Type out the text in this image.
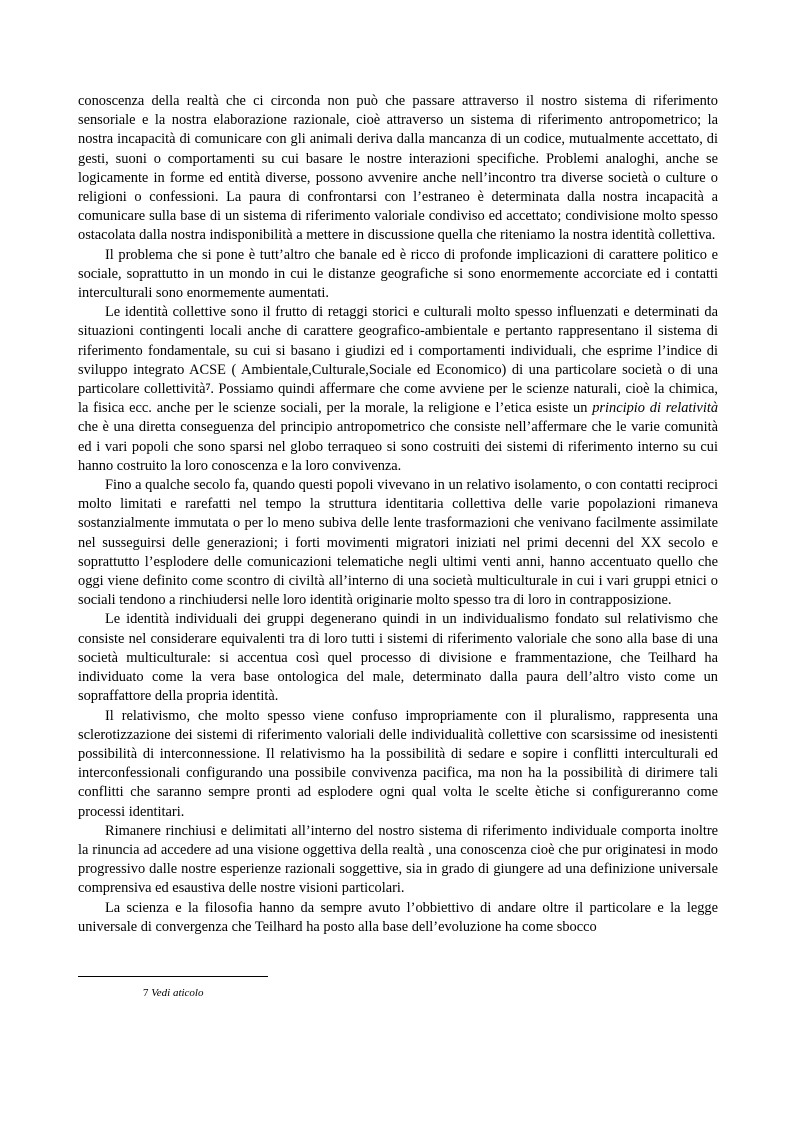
conoscenza della realtà che ci circonda non può che passare attraverso il nostro sistema di riferimento sensoriale e la nostra elaborazione razionale, cioè attraverso un sistema di riferimento antropometrico; la nostra incapacità di comunicare con gli animali deriva dalla mancanza di un codice, mutualmente accettato, di gesti, suoni o comportamenti su cui basare le nostre interazioni specifiche. Problemi analoghi, anche se logicamente in forme ed entità diverse, possono avvenire anche nell’incontro tra diverse società o culture o religioni o confessioni. La paura di confrontarsi con l’estraneo è determinata dalla nostra incapacità a comunicare sulla base di un sistema di riferimento valoriale condiviso ed accettato; condivisione molto spesso ostacolata dalla nostra indisponibilità a mettere in discussione quella che riteniamo la nostra identità collettiva.

Il problema che si pone è tutt’altro che banale ed è ricco di profonde implicazioni di carattere politico e sociale, soprattutto in un mondo in cui le distanze geografiche si sono enormemente accorciate ed i contatti interculturali sono enormemente aumentati.

Le identità collettive sono il frutto di retaggi storici e culturali molto spesso influenzati e determinati da situazioni contingenti locali anche di carattere geografico-ambientale e pertanto rappresentano il sistema di riferimento fondamentale, su cui si basano i giudizi ed i comportamenti individuali, che esprime l’indice di sviluppo integrato ACSE ( Ambientale,Culturale,Sociale ed Economico) di una particolare società o di una particolare collettività$^7$. Possiamo quindi affermare che come avviene per le scienze naturali, cioè la chimica, la fisica ecc. anche per le scienze sociali, per la morale, la religione e l’etica esiste un principio di relatività che è una diretta conseguenza del principio antropometrico che consiste nell’affermare che le varie comunità ed i vari popoli che sono sparsi nel globo terraqueo si sono costruiti dei sistemi di riferimento interno su cui hanno costruito la loro conoscenza e la loro convivenza.

Fino a qualche secolo fa, quando questi popoli vivevano in un relativo isolamento, o con contatti reciproci molto limitati e rarefatti nel tempo la struttura identitaria collettiva delle varie popolazioni rimaneva sostanzialmente immutata o per lo meno subiva delle lente trasformazioni che venivano facilmente assimilate nel susseguirsi delle generazioni; i forti movimenti migratori iniziati nel primi decenni del XX secolo e soprattutto l’esplodere delle comunicazioni telematiche negli ultimi venti anni, hanno accentuato quello che oggi viene definito come scontro di civiltà all’interno di una società multiculturale in cui i vari gruppi etnici o sociali tendono a rinchiudersi nelle loro identità originarie molto spesso tra di loro in contrapposizione.

Le identità individuali dei gruppi degenerano quindi in un individualismo fondato sul relativismo che consiste nel considerare equivalenti tra di loro tutti i sistemi di riferimento valoriale che sono alla base di una società multiculturale: si accentua così quel processo di divisione e frammentazione, che Teilhard ha individuato come la vera base ontologica del male, determinato dalla paura dell’altro visto come un sopraffattore della propria identità.

Il relativismo, che molto spesso viene confuso impropriamente con il pluralismo, rappresenta una sclerotizzazione dei sistemi di riferimento valoriali delle individualità collettive con scarsissime od inesistenti possibilità di interconnessione. Il relativismo ha la possibilità di sedare e sopire i conflitti interculturali ed interconfessionali configurando una possibile convivenza pacifica, ma non ha la possibilità di dirimere tali conflitti che saranno sempre pronti ad esplodere ogni qual volta le scelte ètiche si configureranno come processi identitari.

Rimanere rinchiusi e delimitati all’interno del nostro sistema di riferimento individuale comporta inoltre la rinuncia ad accedere ad una visione oggettiva della realtà , una conoscenza cioè che pur originatesi in modo progressivo dalle nostre esperienze razionali soggettive, sia in grado di giungere ad una definizione universale comprensiva ed esaustiva delle nostre visioni particolari.

La scienza e la filosofia hanno da sempre avuto l’obbiettivo di andare oltre il particolare e la legge universale di convergenza che Teilhard ha posto alla base dell’evoluzione ha come sbocco

7 Vedi aticolo
